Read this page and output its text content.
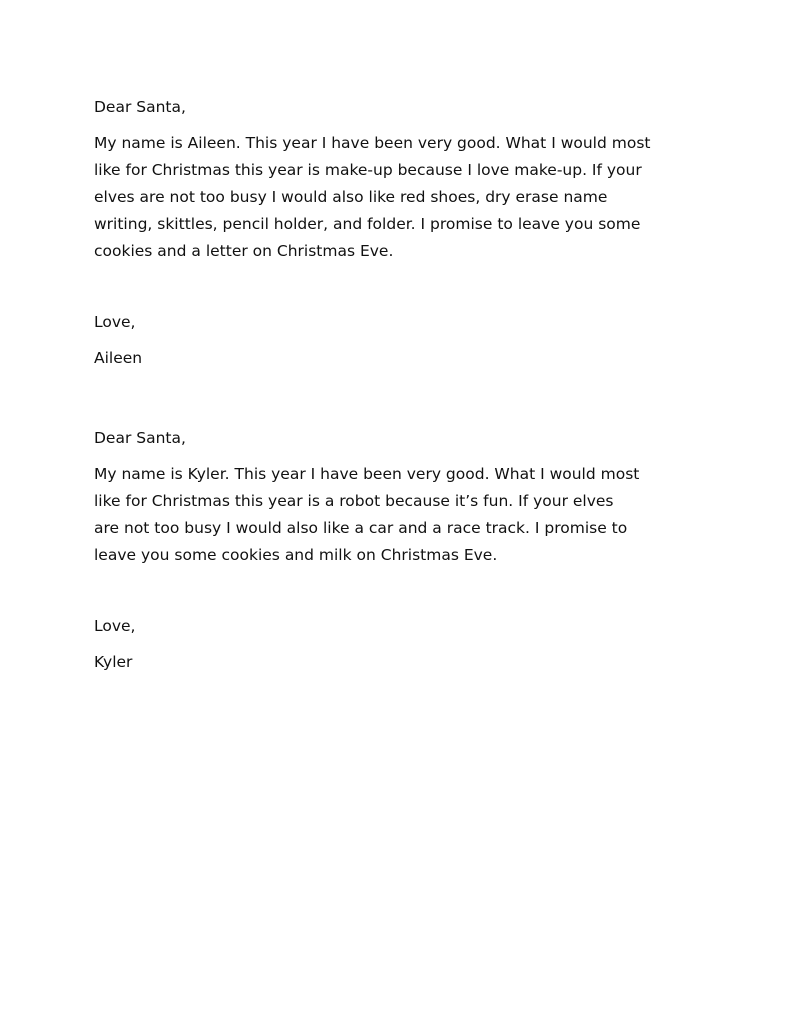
Dear Santa,

My name is Aileen. This year I have been very good. What I would most
like for Christmas this year is make-up because I love make-up. If your
elves are not too busy I would also like red shoes, dry erase name
writing, skittles, pencil holder, and folder. I promise to leave you some
cookies and a letter on Christmas Eve.

Love,

Aileen

Dear Santa,

My name is Kyler. This year I have been very good. What I would most
like for Christmas this year is a robot because it’s fun. If your elves
are not too busy I would also like a car and a race track. I promise to
leave you some cookies and milk on Christmas Eve.

Love,

Kyler
